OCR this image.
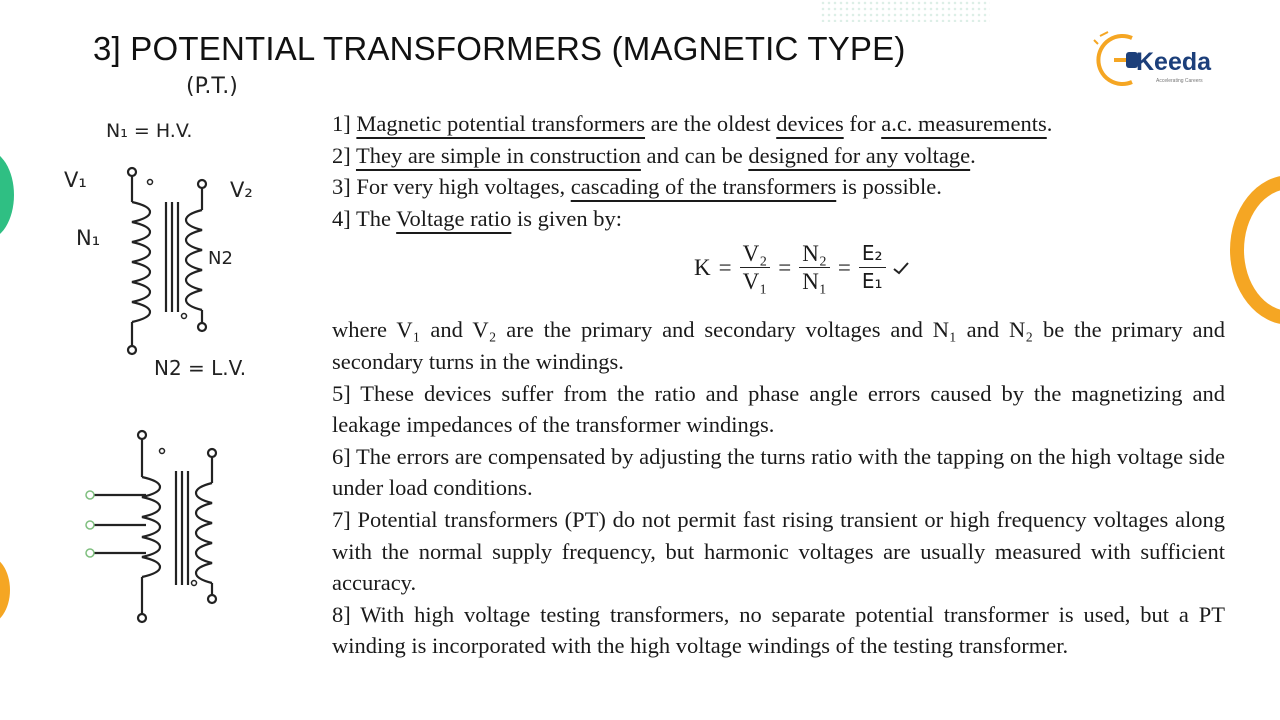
3] POTENTIAL TRANSFORMERS (MAGNETIC TYPE)	Keeda
Accelerating Careers
(P.T.)
N₁ = H.V.
V₁	V₂
N₁
N2
N2 = L.V.

1] Magnetic potential transformers are the oldest devices for a.c. measurements.

2] They are simple in construction and can be designed for any voltage.

3] For very high voltages, cascading of the transformers is possible.

4] The Voltage ratio is given by:

$K = \frac{\text{V₂}}{\text{V₁}} = \frac{\text{N₂}}{\text{N₁}} = \frac{\text{E₂}}{\text{E₁}}$

where V₁ and V₂ are the primary and secondary voltages and N₁ and N₂ be the primary and secondary turns in the windings.

5] These devices suffer from the ratio and phase angle errors caused by the magnetizing and leakage impedances of the transformer windings.

6] The errors are compensated by adjusting the turns ratio with the tapping on the high voltage side under load conditions.

7] Potential transformers (PT) do not permit fast rising transient or high frequency voltages along with the normal supply frequency, but harmonic voltages are usually measured with sufficient accuracy.

8] With high voltage testing transformers, no separate potential transformer is used, but a PT winding is incorporated with the high voltage windings of the testing transformer.
